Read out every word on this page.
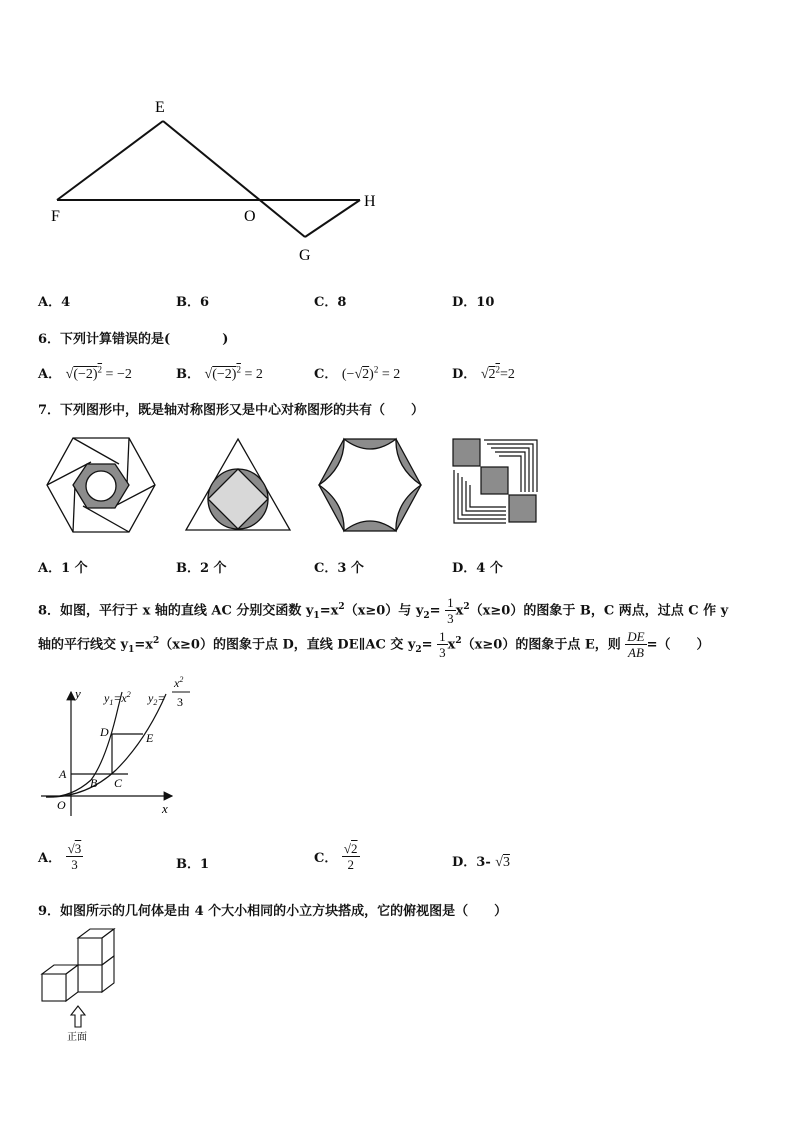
E
F	O
H
G
A．4	B．6	C．8	D．10
6．下列计算错误的是(　　　　)
A． $√(-2)^2 = -2$	B． $√(-2)^2 = 2$	C． $(-√2)^2 = 2$	D． $√2^2=2$
7．下列图形中，既是轴对称图形又是中心对称图形的共有（　　）
A．1 个	B．2 个	C．3 个	D．4 个
8．如图，平行于 x 轴的直线 AC 分别交函数 $y_1=x^2(x\ge 0)$与 $y_2= \frac{1}{3} x^2(x\ge 0)$的图象于 B，C 两点，过点 C 作 y
轴的平行线交 $y_1=x^2(x\ge 0)$的图象于点 D，直线 DE∥AC 交 $y_2= \frac{1}{3} x^2(x\ge 0)$的图象于点 E，则 $\frac{DE}{AB}$ =（　　）
y
x
O
A
B C
D	E
$y_1=x^2$ $y_2=$
$x^2$
3
A． $\frac{√3}{3}$	B．1	C． $\frac{√2}{2}$	D．3- √3
9．如图所示的几何体是由 4 个大小相同的小立方块搭成，它的俯视图是（　　）
正面
